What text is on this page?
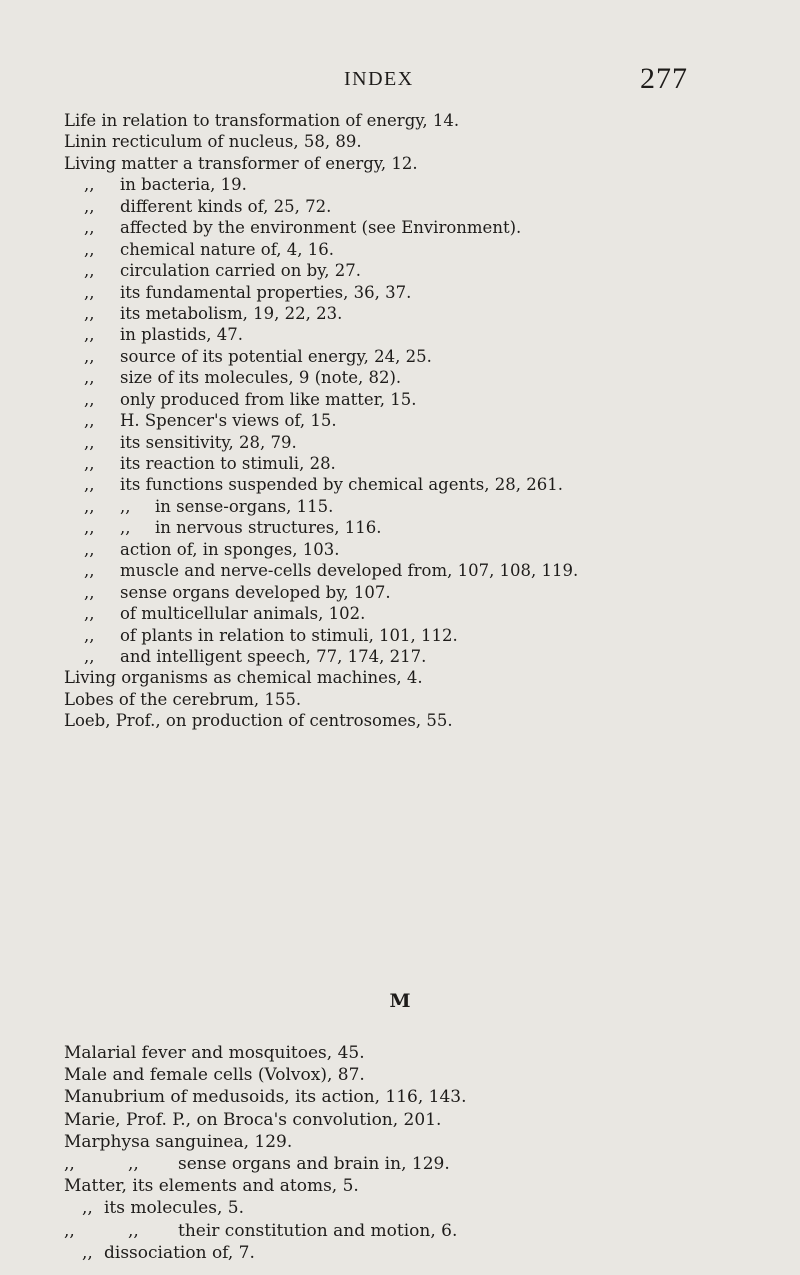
INDEX	277
Life in relation to transformation of energy, 14.
Linin recticulum of nucleus, 58, 89.
Living matter a transformer of energy, 12.
,, in bacteria, 19.
,, different kinds of, 25, 72.
,, affected by the environment (see Environment).
,, chemical nature of, 4, 16.
,, circulation carried on by, 27.
,, its fundamental properties, 36, 37.
,, its metabolism, 19, 22, 23.
,, in plastids, 47.
,, source of its potential energy, 24, 25.
,, size of its molecules, 9 (note, 82).
,, only produced from like matter, 15.
,, H. Spencer's views of, 15.
,, its sensitivity, 28, 79.
,, its reaction to stimuli, 28.
,, its functions suspended by chemical agents, 28, 261.
,, ,, in sense-organs, 115.
,, ,, in nervous structures, 116.
,, action of, in sponges, 103.
,, muscle and nerve-cells developed from, 107, 108, 119.
,, sense organs developed by, 107.
,, of multicellular animals, 102.
,, of plants in relation to stimuli, 101, 112.
,, and intelligent speech, 77, 174, 217.
Living organisms as chemical machines, 4.
Lobes of the cerebrum, 155.
Loeb, Prof., on production of centrosomes, 55.
M
Malarial fever and mosquitoes, 45.
Male and female cells (Volvox), 87.
Manubrium of medusoids, its action, 116, 143.
Marie, Prof. P., on Broca's convolution, 201.
Marphysa sanguinea, 129.
,,	,, sense organs and brain in, 129.
Matter, its elements and atoms, 5.
,, its molecules, 5.
,,	,, their constitution and motion, 6.
,, dissociation of, 7.
